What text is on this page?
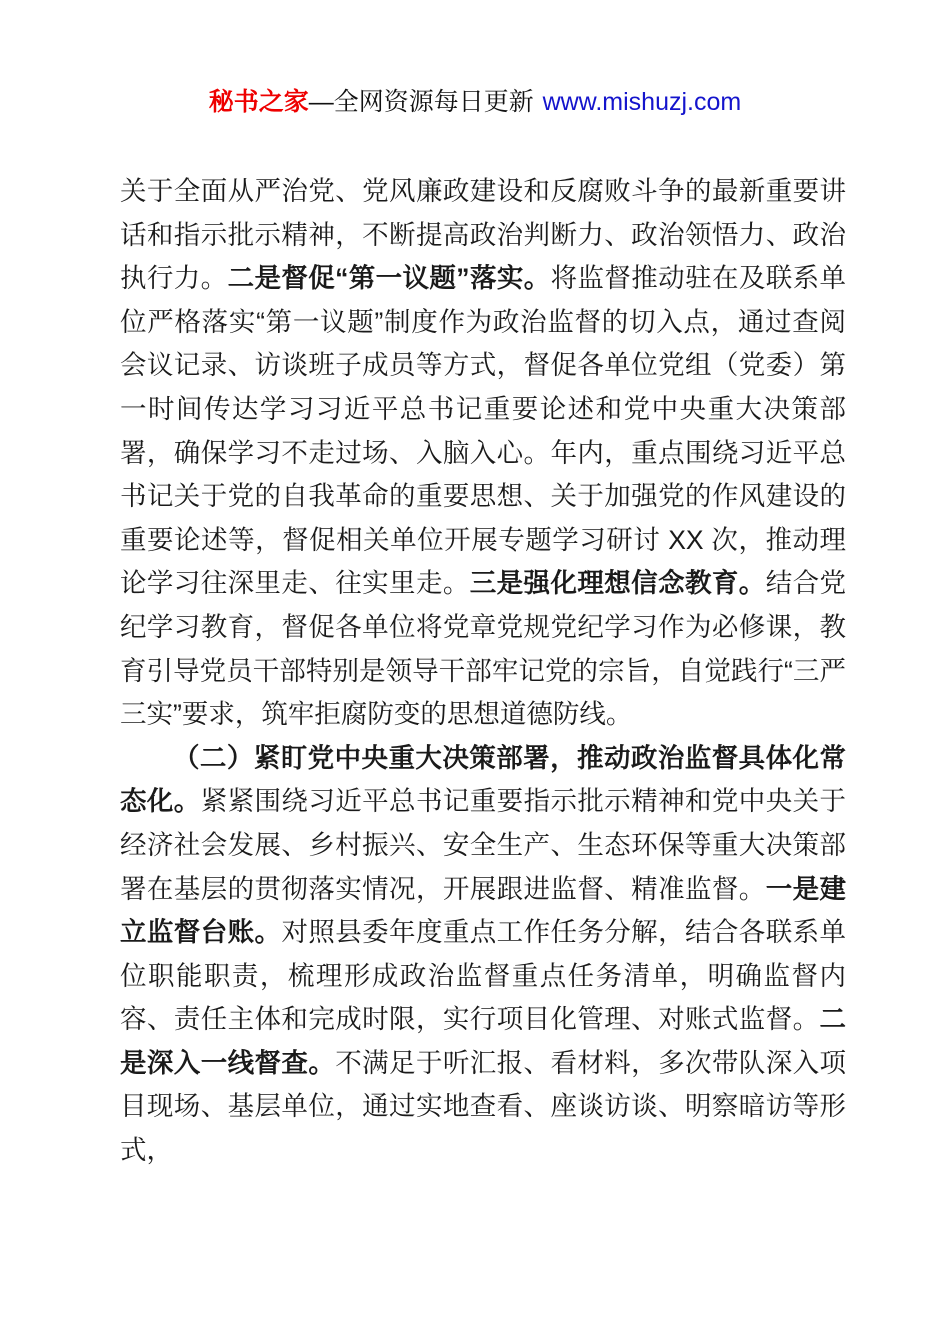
秘书之家—全网资源每日更新 www.mishuzj.com

关于全面从严治党、党风廉政建设和反腐败斗争的最新重要讲话和指示批示精神，不断提高政治判断力、政治领悟力、政治执行力。二是督促“第一议题”落实。将监督推动驻在及联系单位严格落实“第一议题”制度作为政治监督的切入点，通过查阅会议记录、访谈班子成员等方式，督促各单位党组（党委）第一时间传达学习习近平总书记重要论述和党中央重大决策部署，确保学习不走过场、入脑入心。年内，重点围绕习近平总书记关于党的自我革命的重要思想、关于加强党的作风建设的重要论述等，督促相关单位开展专题学习研讨 XX 次，推动理论学习往深里走、往实里走。三是强化理想信念教育。结合党纪学习教育，督促各单位将党章党规党纪学习作为必修课，教育引导党员干部特别是领导干部牢记党的宗旨，自觉践行“三严三实”要求，筑牢拒腐防变的思想道德防线。

（二）紧盯党中央重大决策部署，推动政治监督具体化常态化。紧紧围绕习近平总书记重要指示批示精神和党中央关于经济社会发展、乡村振兴、安全生产、生态环保等重大决策部署在基层的贯彻落实情况，开展跟进监督、精准监督。一是建立监督台账。对照县委年度重点工作任务分解，结合各联系单位职能职责，梳理形成政治监督重点任务清单，明确监督内容、责任主体和完成时限，实行项目化管理、对账式监督。二是深入一线督查。不满足于听汇报、看材料，多次带队深入项目现场、基层单位，通过实地查看、座谈访谈、明察暗访等形式，
